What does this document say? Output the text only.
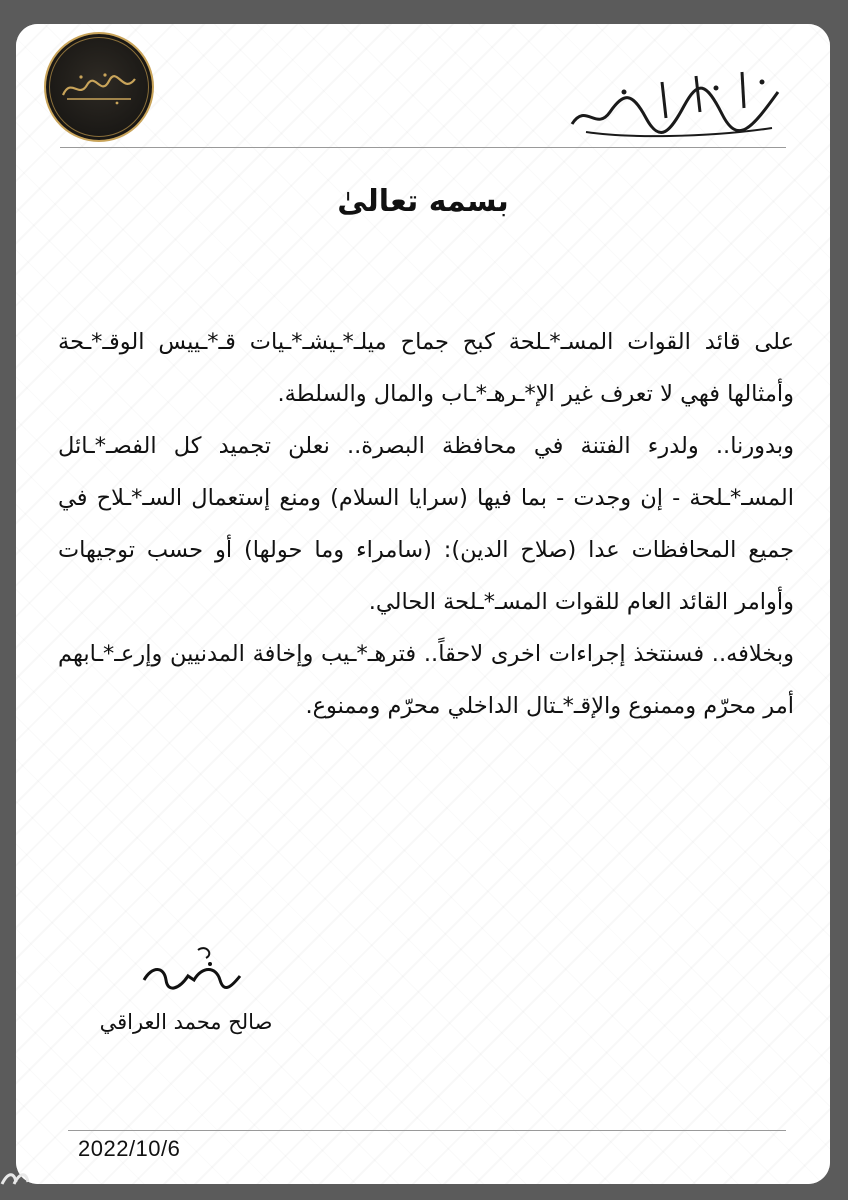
بسمه تعالىٰ

على قائد القوات المسـ*ـلحة كبح جماح ميلـ*ـيشـ*ـيات قـ*ـييس الوقـ*ـحة وأمثالها فهي لا تعرف غير الإ*ـرهـ*ـاب والمال والسلطة.

وبدورنا.. ولدرء الفتنة في محافظة البصرة.. نعلن تجميد كل الفصـ*ـائل المسـ*ـلحة - إن وجدت - بما فيها (سرايا السلام) ومنع إستعمال السـ*ـلاح في جميع المحافظات عدا (صلاح الدين): (سامراء وما حولها) أو حسب توجيهات وأوامر القائد العام للقوات المسـ*ـلحة الحالي.

وبخلافه.. فسنتخذ إجراءات اخرى لاحقاً.. فترهـ*ـيب وإخافة المدنيين وإرعـ*ـابهم أمر محرّم وممنوع والإقـ*ـتال الداخلي محرّم وممنوع.

صالح محمد العراقي
2022/10/6
